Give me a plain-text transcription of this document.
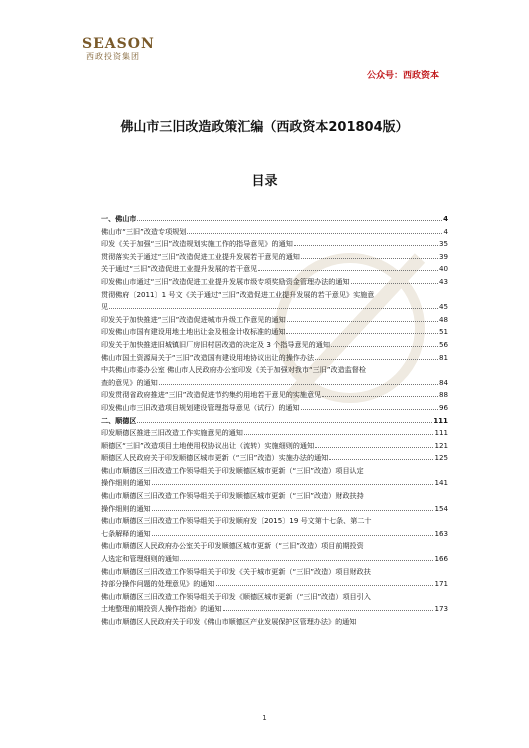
SEASON
西政投资集团
公众号：西政资本
佛山市三旧改造政策汇编（西政资本201804版）
目录
一、佛山市	4
佛山市“三旧”改造专项规划	4
印发《关于加强“三旧”改造规划实施工作的指导意见》的通知	35
贯彻落实关于通过“三旧”改造促进工业提升发展若干意见的通知	39
关于通过“三旧”改造促进工业提升发展的若干意见	40
印发佛山市通过“三旧”改造促进工业提升发展市级专项奖励资金管理办法的通知	43
贯彻佛府〔2011〕1 号文《关于通过“三旧”改造促进工业提升发展的若干意见》实施意
见	45
印发关于加快推进“三旧”改造促进城市升级工作意见的通知	48
印发佛山市国有建设用地土地出让金及租金计收标准的通知	51
印发关于加快推进旧城镇旧厂房旧村居改造的决定及 3 个指导意见的通知	56
佛山市国土资源局关于“三旧”改造国有建设用地协议出让的操作办法	81
中共佛山市委办公室 佛山市人民政府办公室印发《关于加强对我市“三旧”改造监督检
查的意见》的通知	84
印发贯彻省政府推进“三旧”改造促进节约集约用地若干意见的实施意见	88
印发佛山市三旧改造项目规划建设管理指导意见（试行）的通知	96
二、顺德区	111
印发顺德区推进三旧改造工作实施意见的通知	111
顺德区“三旧”改造项目土地使用权协议出让（流转）实施细则的通知	121
顺德区人民政府关于印发顺德区城市更新（“三旧”改造）实施办法的通知	125
佛山市顺德区三旧改造工作领导组关于印发顺德区城市更新（“三旧”改造）项目认定
操作细则的通知	141
佛山市顺德区三旧改造工作领导组关于印发顺德区城市更新（“三旧”改造）财政扶持
操作细则的通知	154
佛山市顺德区三旧改造工作领导组关于印发顺府发〔2015〕19 号文第十七条、第二十
七条解释的通知	163
佛山市顺德区人民政府办公室关于印发顺德区城市更新（“三旧”改造）项目前期投资
人选定和管理细则的通知	166
佛山市顺德区三旧改造工作领导组关于印发《关于城市更新（“三旧”改造）项目财政扶
持部分操作问题的处理意见》的通知	171
佛山市顺德区三旧改造工作领导组关于印发《顺德区城市更新（“三旧”改造）项目引入
土地整理前期投资人操作指南》的通知	173
佛山市顺德区人民政府关于印发《佛山市顺德区产业发展保护区管理办法》的通知
1
